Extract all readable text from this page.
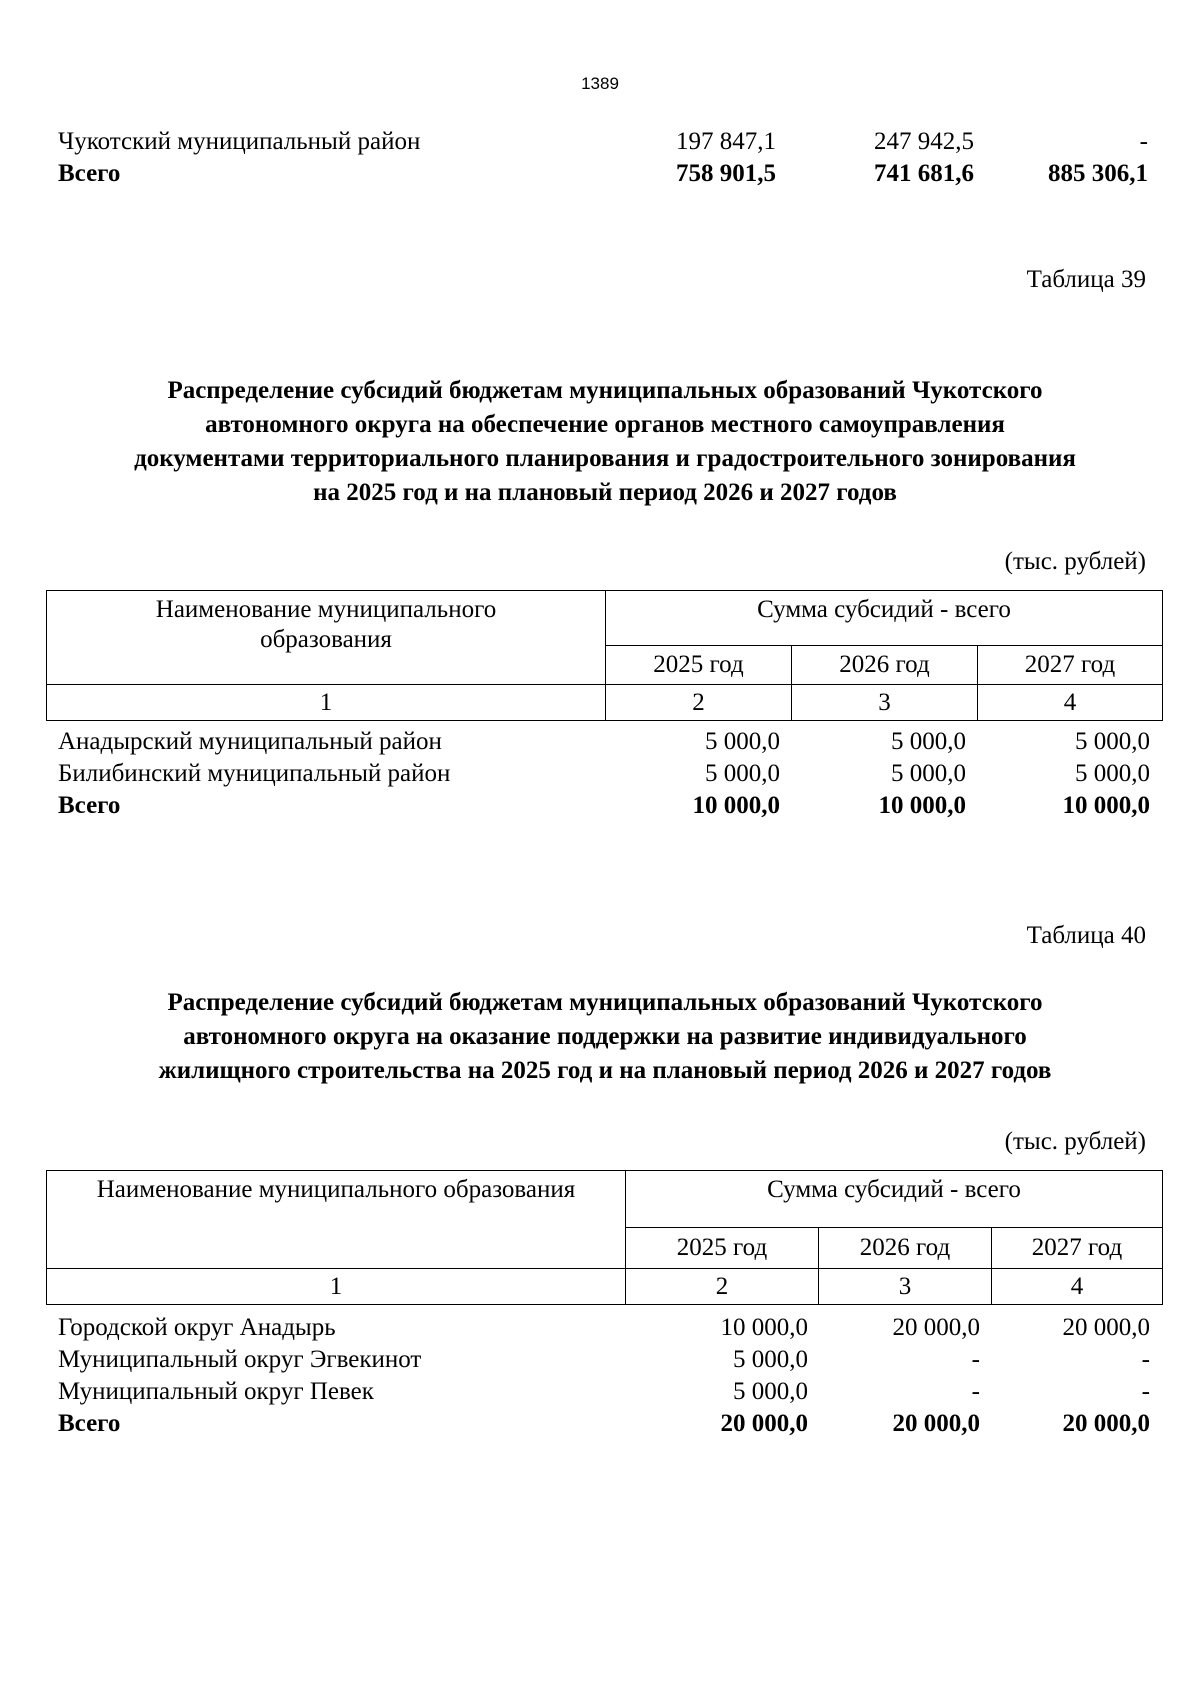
1389
Чукотский муниципальный район	197 847,1	247 942,5	-
Всего	758 901,5	741 681,6	885 306,1
Таблица 39
Распределение субсидий бюджетам муниципальных образований Чукотского
автономного округа на обеспечение органов местного самоуправления
документами территориального планирования и градостроительного зонирования
на 2025 год и на плановый период 2026 и 2027 годов
(тыс. рублей)
Наименование муниципального
образования	Сумма субсидий - всего		
	2025 год	2026 год	2027 год
1	2	3	4
Анадырский муниципальный район	5 000,0	5 000,0	5 000,0
Билибинский муниципальный район	5 000,0	5 000,0	5 000,0
Всего	10 000,0	10 000,0	10 000,0
Таблица 40
Распределение субсидий бюджетам муниципальных образований Чукотского
автономного округа на оказание поддержки на развитие индивидуального
жилищного строительства на 2025 год и на плановый период 2026 и 2027 годов
(тыс. рублей)
Наименование муниципального образования	Сумма субсидий - всего		
	2025 год	2026 год	2027 год
1	2	3	4
Городской округ Анадырь	10 000,0	20 000,0	20 000,0
Муниципальный округ Эгвекинот	5 000,0	-	-
Муниципальный округ Певек	5 000,0	-	-
Всего	20 000,0	20 000,0	20 000,0
